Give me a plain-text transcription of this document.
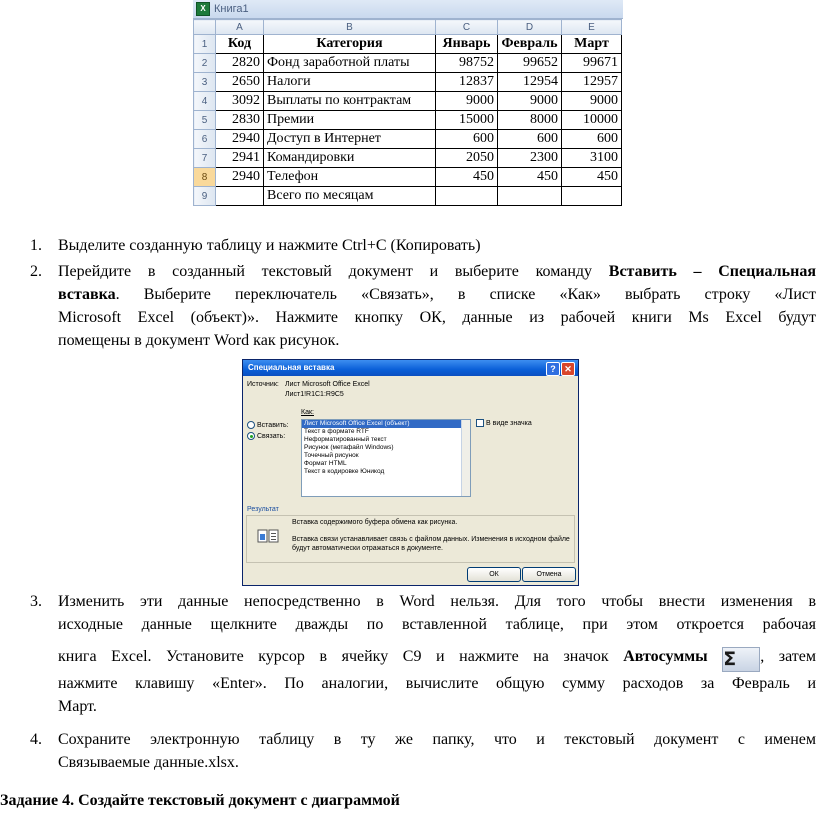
X Книга1
	A	B	C	D	E
1	Код	Категория	Январь	Февраль	Март
2	2820	Фонд заработной платы	98752	99652	99671
3	2650	Налоги	12837	12954	12957
4	3092	Выплаты по контрактам	9000	9000	9000
5	2830	Премии	15000	8000	10000
6	2940	Доступ в Интернет	600	600	600
7	2941	Командировки	2050	2300	3100
8	2940	Телефон	450	450	450
9		Всего по месяцам			
1. Выделите созданную таблицу и нажмите Ctrl+C (Копировать)
2. Перейдите в созданный текстовый документ и выберите команду Вставить – Специальная
вставка. Выберите переключатель «Связать», в списке «Как» выбрать строку «Лист
Microsoft Excel (объект)». Нажмите кнопку ОК, данные из рабочей книги Ms Excel будут
помещены в документ Word как рисунок.
3. Изменить эти данные непосредственно в Word нельзя. Для того чтобы внести изменения в
исходные данные щелкните дважды по вставленной таблице, при этом откроется рабочая
книга Excel. Установите курсор в ячейку С9 и нажмите на значок Автосуммы Σ , затем
нажмите клавишу «Enter». По аналогии, вычислите общую сумму расходов за Февраль и
Март.
4. Сохраните электронную таблицу в ту же папку, что и текстовый документ с именем
Связываемые данные.xlsx.
Специальная вставка	? ✕
Источник: Лист Microsoft Office Excel
Лист1!R1C1:R9C5
Как:
Вставить:
Связать:
Лист Microsoft Office Excel (объект)
Текст в формате RTF
Неформатированный текст
Рисунок (метафайл Windows)
Точечный рисунок
Формат HTML
Текст в кодировке Юникод
В виде значка
Результат
Вставка содержимого буфера обмена как рисунка.
Вставка связи устанавливает связь с файлом данных. Изменения в исходном файле
будут автоматически отражаться в документе.
ОК	Отмена
Задание 4. Создайте текстовый документ с диаграммой
